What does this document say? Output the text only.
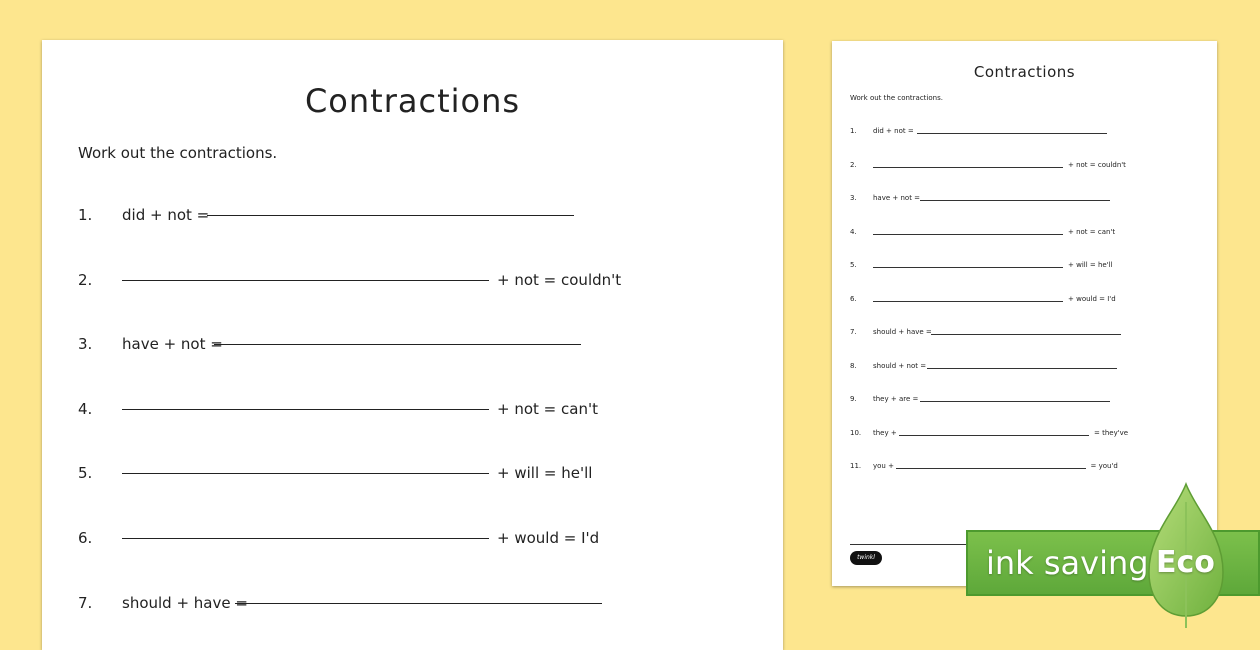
Contractions
Work out the contractions.
1. did + not =
2.	+ not = couldn't
3. have + not =
4.	+ not = can't
5.	+ will = he'll
6.	+ would = I'd
7. should + have =
Contractions
Work out the contractions.
1. did + not =
2.	+ not = couldn't
3. have + not =
4.	+ not = can't
5.	+ will = he'll
6.	+ would = I'd
7. should + have =
8. should + not =
9. they + are =
10. they +	= they've
11. you +	= you'd
twinkl	ink saving Eco
